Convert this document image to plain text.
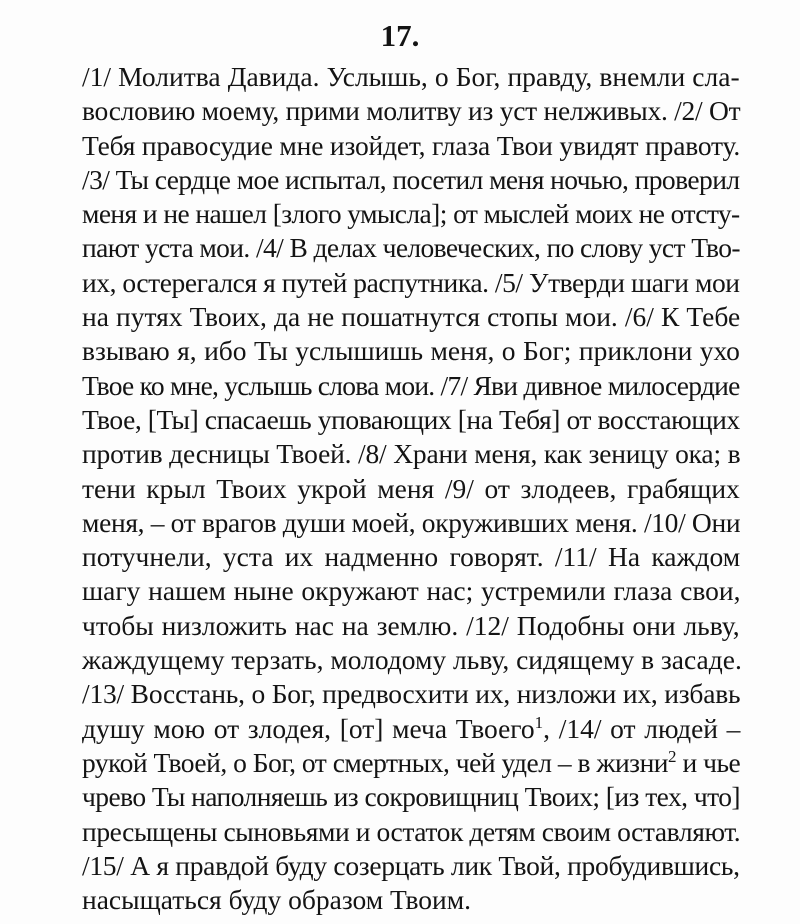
17.
/1/ Молитва Давида. Услышь, о Бог, правду, внемли сла-
вословию моему, прими молитву из уст нелживых. /2/ От
Тебя правосудие мне изойдет, глаза Твои увидят правоту.
/3/ Ты сердце мое испытал, посетил меня ночью, проверил
меня и не нашел [злого умысла]; от мыслей моих не отсту-
пают уста мои. /4/ В делах человеческих, по слову уст Тво-
их, остерегался я путей распутника. /5/ Утверди шаги мои
на путях Твоих, да не пошатнутся стопы мои. /6/ К Тебе
взываю я, ибо Ты услышишь меня, о Бог; приклони ухо
Твое ко мне, услышь слова мои. /7/ Яви дивное милосердие
Твое, [Ты] спасаешь уповающих [на Тебя] от восстающих
против десницы Твоей. /8/ Храни меня, как зеницу ока; в
тени крыл Твоих укрой меня /9/ от злодеев, грабящих
меня, – от врагов души моей, окруживших меня. /10/ Они
потучнели, уста их надменно говорят. /11/ На каждом
шагу нашем ныне окружают нас; устремили глаза свои,
чтобы низложить нас на землю. /12/ Подобны они льву,
жаждущему терзать, молодому льву, сидящему в засаде.
/13/ Восстань, о Бог, предвосхити их, низложи их, избавь
душу мою от злодея, [от] меча Твоего$^1$, /14/ от людей –
рукой Твоей, о Бог, от смертных, чей удел – в жизни$^2$ и чье
чрево Ты наполняешь из сокровищниц Твоих; [из тех, что]
пресыщены сыновьями и остаток детям своим оставляют.
/15/ А я правдой буду созерцать лик Твой, пробудившись,
насыщаться буду образом Твоим.
